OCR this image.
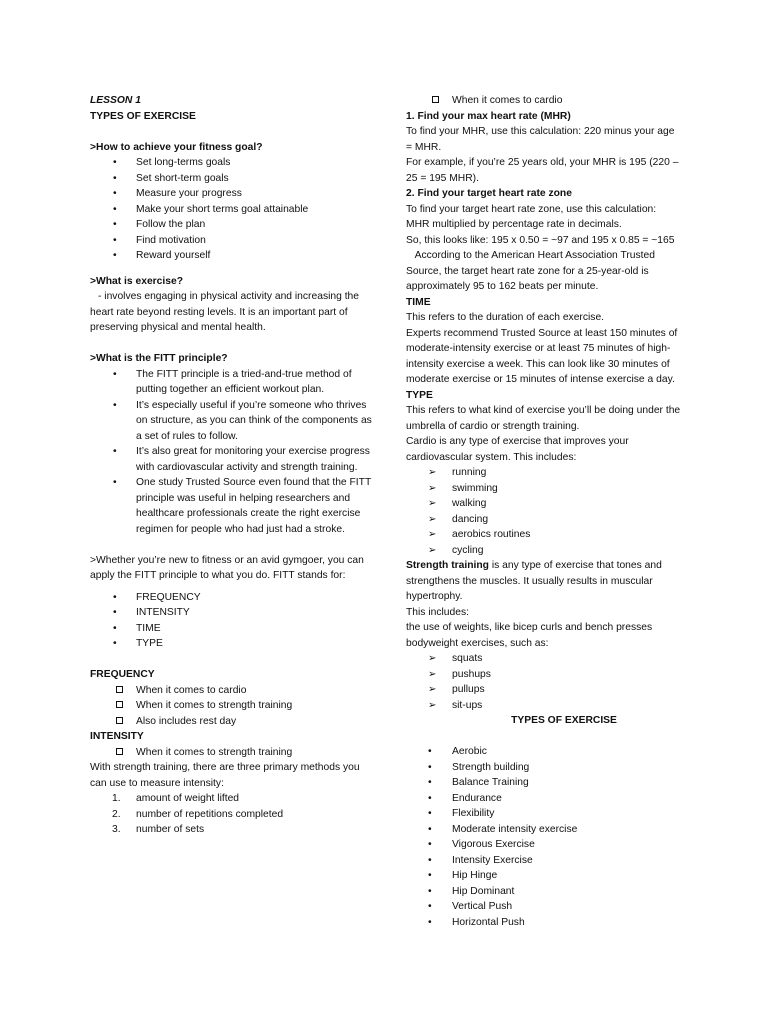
LESSON 1

TYPES OF EXERCISE

>How to achieve your fitness goal?

• Set long-terms goals
• Set short-term goals
• Measure your progress
• Make your short terms goal attainable
• Follow the plan
• Find motivation
• Reward yourself

>What is exercise?

- involves engaging in physical activity and increasing the heart rate beyond resting levels. It is an important part of preserving physical and mental health.

>What is the FITT principle?

• The FITT principle is a tried-and-true method of putting together an efficient workout plan.
• It’s especially useful if you’re someone who thrives on structure, as you can think of the components as a set of rules to follow.
• It’s also great for monitoring your exercise progress with cardiovascular activity and strength training.
• One study Trusted Source even found that the FITT principle was useful in helping researchers and healthcare professionals create the right exercise regimen for people who had just had a stroke.

>Whether you’re new to fitness or an avid gymgoer, you can apply the FITT principle to what you do. FITT stands for:

• FREQUENCY
• INTENSITY
• TIME
• TYPE

FREQUENCY

When it comes to cardio
When it comes to strength training
Also includes rest day

INTENSITY

When it comes to strength training

With strength training, there are three primary methods you can use to measure intensity:

1. amount of weight lifted
2. number of repetitions completed
3. number of sets
When it comes to cardio

1. Find your max heart rate (MHR)

To find your MHR, use this calculation: 220 minus your age = MHR.

For example, if you’re 25 years old, your MHR is 195 (220 – 25 = 195 MHR).

2. Find your target heart rate zone

To find your target heart rate zone, use this calculation: MHR multiplied by percentage rate in decimals.

So, this looks like: 195 x 0.50 = ~97 and 195 x 0.85 = ~165

According to the American Heart Association Trusted Source, the target heart rate zone for a 25-year-old is approximately 95 to 162 beats per minute.

TIME

This refers to the duration of each exercise.

Experts recommend Trusted Source at least 150 minutes of moderate-intensity exercise or at least 75 minutes of high-intensity exercise a week. This can look like 30 minutes of moderate exercise or 15 minutes of intense exercise a day.

TYPE

This refers to what kind of exercise you’ll be doing under the umbrella of cardio or strength training.

Cardio is any type of exercise that improves your cardiovascular system. This includes:

➢ running
➢ swimming
➢ walking
➢ dancing
➢ aerobics routines
➢ cycling

Strength training is any type of exercise that tones and strengthens the muscles. It usually results in muscular hypertrophy.

This includes:

the use of weights, like bicep curls and bench presses

bodyweight exercises, such as:

➢ squats
➢ pushups
➢ pullups
➢ sit-ups

TYPES OF EXERCISE

• Aerobic
• Strength building
• Balance Training
• Endurance
• Flexibility
• Moderate intensity exercise
• Vigorous Exercise
• Intensity Exercise
• Hip Hinge
• Hip Dominant
• Vertical Push
• Horizontal Push
